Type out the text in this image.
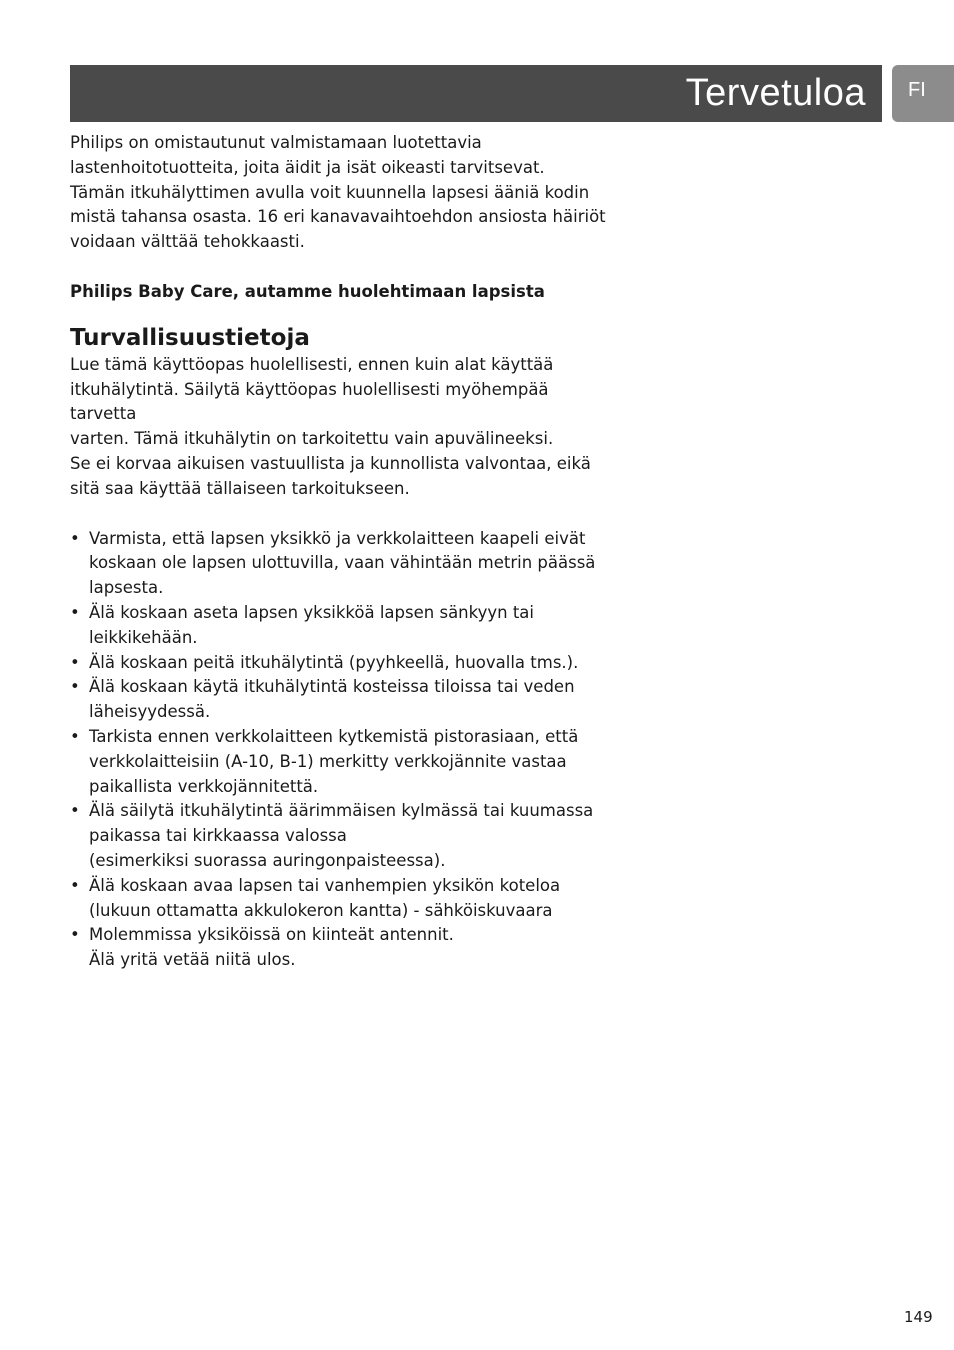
Tervetuloa FI

Philips on omistautunut valmistamaan luotettavia
lastenhoitotuotteita, joita äidit ja isät oikeasti tarvitsevat.
Tämän itkuhälyttimen avulla voit kuunnella lapsesi ääniä kodin
mistä tahansa osasta. 16 eri kanavavaihtoehdon ansiosta häiriöt
voidaan välttää tehokkaasti.

Philips Baby Care, autamme huolehtimaan lapsista

Turvallisuustietoja

Lue tämä käyttöopas huolellisesti, ennen kuin alat käyttää
itkuhälytintä. Säilytä käyttöopas huolellisesti myöhempää tarvetta
varten. Tämä itkuhälytin on tarkoitettu vain apuvälineeksi.
Se ei korvaa aikuisen vastuullista ja kunnollista valvontaa, eikä
sitä saa käyttää tällaiseen tarkoitukseen.

• Varmista, että lapsen yksikkö ja verkkolaitteen kaapeli eivät
koskaan ole lapsen ulottuvilla, vaan vähintään metrin päässä
lapsesta.
• Älä koskaan aseta lapsen yksikköä lapsen sänkyyn tai
leikkikehään.
• Älä koskaan peitä itkuhälytintä (pyyhkeellä, huovalla tms.).
• Älä koskaan käytä itkuhälytintä kosteissa tiloissa tai veden
läheisyydessä.
• Tarkista ennen verkkolaitteen kytkemistä pistorasiaan, että
verkkolaitteisiin (A-10, B-1) merkitty verkkojännite vastaa
paikallista verkkojännitettä.
• Älä säilytä itkuhälytintä äärimmäisen kylmässä tai kuumassa
paikassa tai kirkkaassa valossa
(esimerkiksi suorassa auringonpaisteessa).
• Älä koskaan avaa lapsen tai vanhempien yksikön koteloa
(lukuun ottamatta akkulokeron kantta) - sähköiskuvaara
• Molemmissa yksiköissä on kiinteät antennit.
Älä yritä vetää niitä ulos.
149
